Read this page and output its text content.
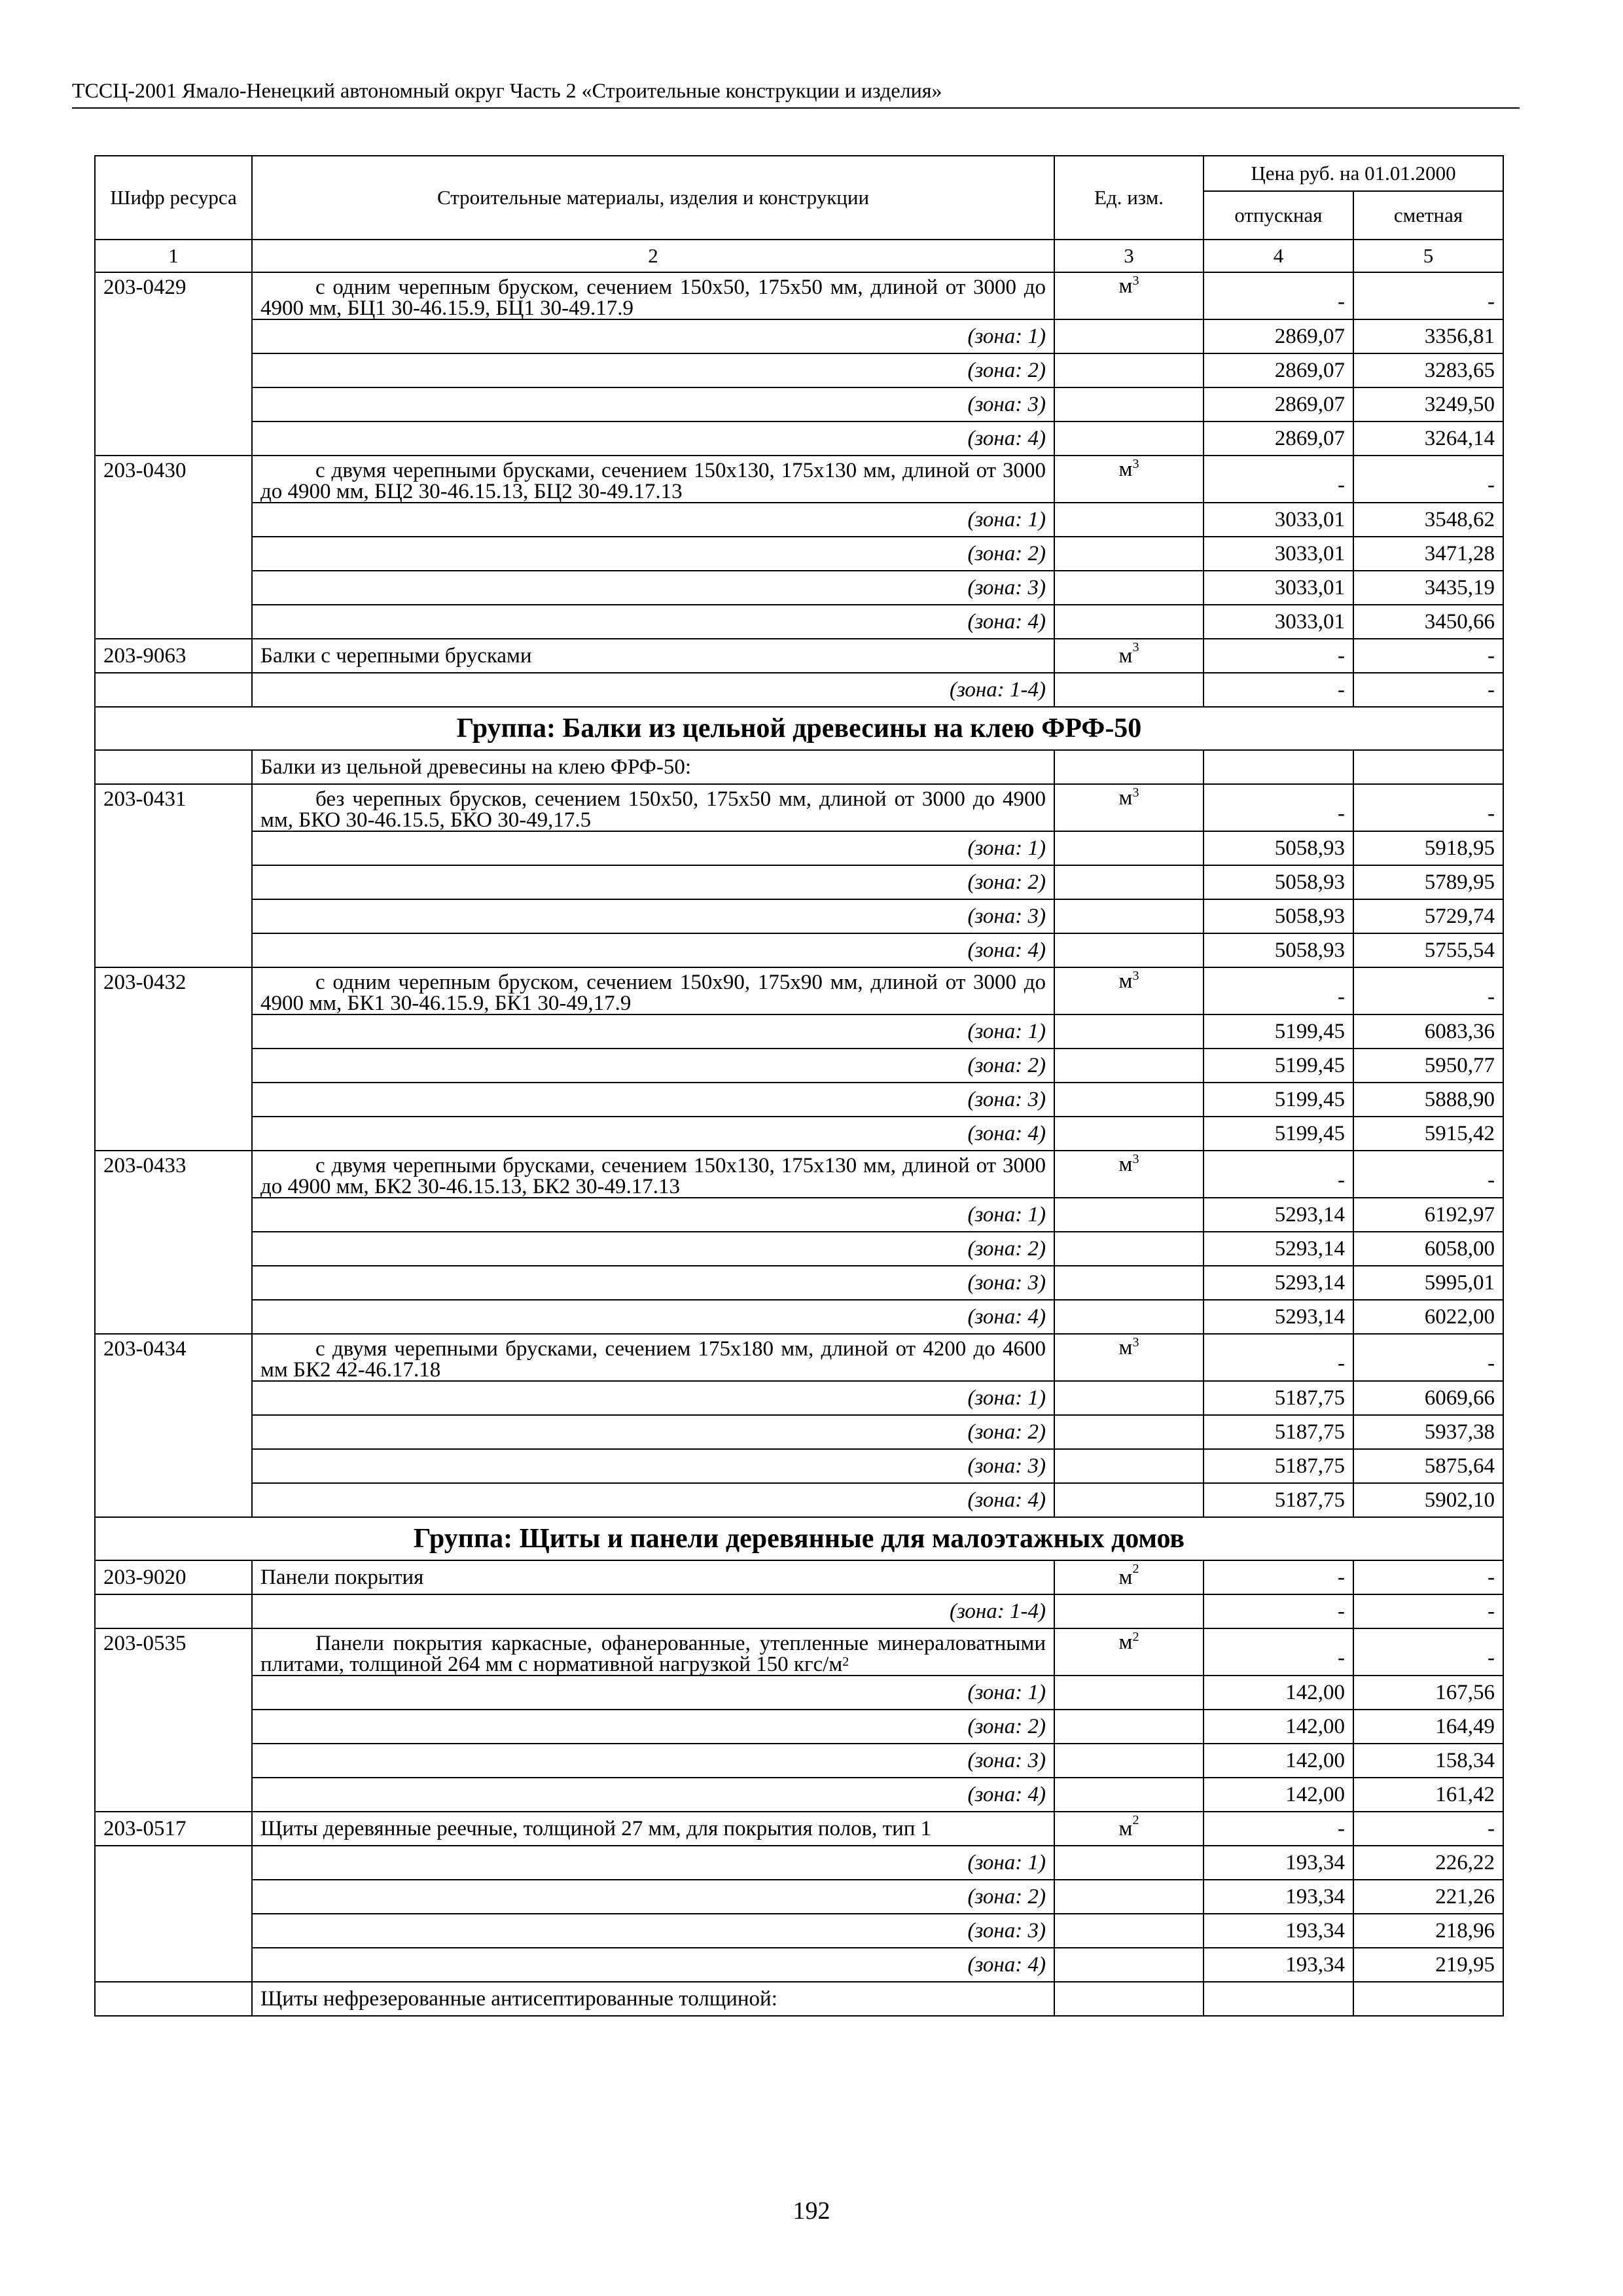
ТССЦ-2001 Ямало-Ненецкий автономный округ Часть 2 «Строительные конструкции и изделия»
Шифр ресурса	Строительные материалы, изделия и конструкции	Ед. изм.	Цена руб. на 01.01.2000	
			отпускная	сметная
1	2	3	4	5
203-0429	с одним черепным бруском, сечением 150х50, 175х50 мм, длиной от 3000 до 4900 мм, БЦ1 30-46.15.9, БЦ1 30-49.17.9	$м^3$	-	-
	(зона: 1)		2869,07	3356,81
	(зона: 2)		2869,07	3283,65
	(зона: 3)		2869,07	3249,50
	(зона: 4)		2869,07	3264,14
203-0430	с двумя черепными брусками, сечением 150х130, 175х130 мм, длиной от 3000 до 4900 мм, БЦ2 30-46.15.13, БЦ2 30-49.17.13	$м^3$	-	-
	(зона: 1)		3033,01	3548,62
	(зона: 2)		3033,01	3471,28
	(зона: 3)		3033,01	3435,19
	(зона: 4)		3033,01	3450,66
203-9063	Балки с черепными брусками	$м^3$	-	-
	(зона: 1-4)		-	-
Группа: Балки из цельной древесины на клею ФРФ-50				
	Балки из цельной древесины на клею ФРФ-50:			
203-0431	без черепных брусков, сечением 150х50, 175х50 мм, длиной от 3000 до 4900 мм, БКО 30-46.15.5, БКО 30-49,17.5	$м^3$	-	-
	(зона: 1)		5058,93	5918,95
	(зона: 2)		5058,93	5789,95
	(зона: 3)		5058,93	5729,74
	(зона: 4)		5058,93	5755,54
203-0432	с одним черепным бруском, сечением 150х90, 175х90 мм, длиной от 3000 до 4900 мм, БК1 30-46.15.9, БК1 30-49,17.9	$м^3$	-	-
	(зона: 1)		5199,45	6083,36
	(зона: 2)		5199,45	5950,77
	(зона: 3)		5199,45	5888,90
	(зона: 4)		5199,45	5915,42
203-0433	с двумя черепными брусками, сечением 150х130, 175х130 мм, длиной от 3000 до 4900 мм, БК2 30-46.15.13, БК2 30-49.17.13	$м^3$	-	-
	(зона: 1)		5293,14	6192,97
	(зона: 2)		5293,14	6058,00
	(зона: 3)		5293,14	5995,01
	(зона: 4)		5293,14	6022,00
203-0434	с двумя черепными брусками, сечением 175х180 мм, длиной от 4200 до 4600 мм БК2 42-46.17.18	$м^3$	-	-
	(зона: 1)		5187,75	6069,66
	(зона: 2)		5187,75	5937,38
	(зона: 3)		5187,75	5875,64
	(зона: 4)		5187,75	5902,10
Группа: Щиты и панели деревянные для малоэтажных домов				
203-9020	Панели покрытия	$м^2$	-	-
	(зона: 1-4)		-	-
203-0535	Панели покрытия каркасные, офанерованные, утепленные минераловатными плитами, толщиной 264 мм с нормативной нагрузкой 150 кгс/$м^2$	$м^2$	-	-
	(зона: 1)		142,00	167,56
	(зона: 2)		142,00	164,49
	(зона: 3)		142,00	158,34
	(зона: 4)		142,00	161,42
203-0517	Щиты деревянные реечные, толщиной 27 мм, для покрытия полов, тип 1	$м^2$	-	-
	(зона: 1)		193,34	226,22
	(зона: 2)		193,34	221,26
	(зона: 3)		193,34	218,96
	(зона: 4)		193,34	219,95
	Щиты нефрезерованные антисептированные толщиной:			
192
